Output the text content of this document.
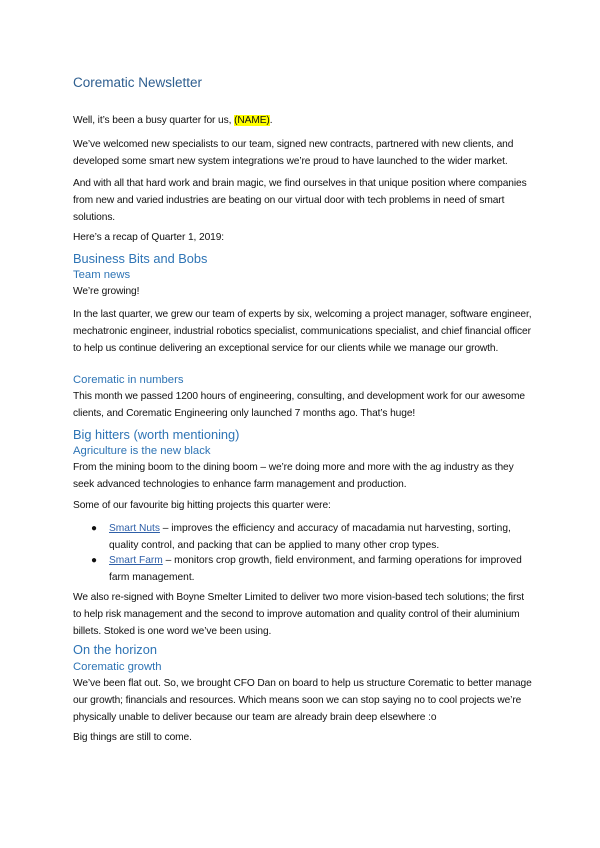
Corematic Newsletter
Well, it’s been a busy quarter for us, (NAME).
We’ve welcomed new specialists to our team, signed new contracts, partnered with new clients, and developed some smart new system integrations we’re proud to have launched to the wider market.
And with all that hard work and brain magic, we find ourselves in that unique position where companies from new and varied industries are beating on our virtual door with tech problems in need of smart solutions.
Here’s a recap of Quarter 1, 2019:
Business Bits and Bobs
Team news
We’re growing!
In the last quarter, we grew our team of experts by six, welcoming a project manager, software engineer, mechatronic engineer, industrial robotics specialist, communications specialist, and chief financial officer to help us continue delivering an exceptional service for our clients while we manage our growth.
Corematic in numbers
This month we passed 1200 hours of engineering, consulting, and development work for our awesome clients, and Corematic Engineering only launched 7 months ago. That’s huge!
Big hitters (worth mentioning)
Agriculture is the new black
From the mining boom to the dining boom – we’re doing more and more with the ag industry as they seek advanced technologies to enhance farm management and production.
Some of our favourite big hitting projects this quarter were:
● Smart Nuts – improves the efficiency and accuracy of macadamia nut harvesting, sorting, quality control, and packing that can be applied to many other crop types.
● Smart Farm – monitors crop growth, field environment, and farming operations for improved farm management.
We also re-signed with Boyne Smelter Limited to deliver two more vision-based tech solutions; the first to help risk management and the second to improve automation and quality control of their aluminium billets. Stoked is one word we’ve been using.
On the horizon
Corematic growth
We’ve been flat out. So, we brought CFO Dan on board to help us structure Corematic to better manage our growth; financials and resources. Which means soon we can stop saying no to cool projects we’re physically unable to deliver because our team are already brain deep elsewhere :o
Big things are still to come.
